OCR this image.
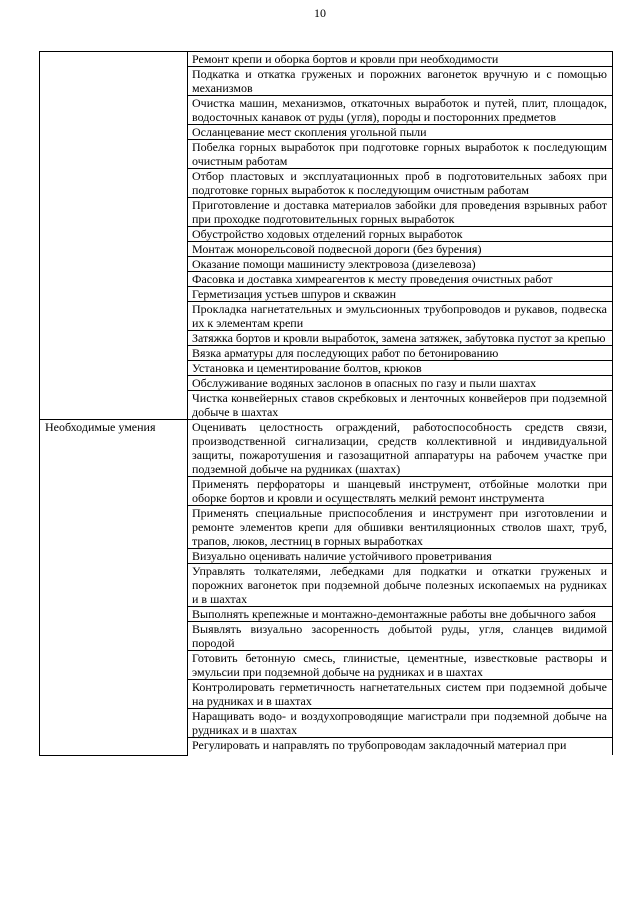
10
	Ремонт крепи и оборка бортов и кровли при необходимости
	Подкатка и откатка груженых и порожних вагонеток вручную и с помощью механизмов
	Очистка машин, механизмов, откаточных выработок и путей, плит, площадок, водосточных канавок от руды (угля), породы и посторонних предметов
	Осланцевание мест скопления угольной пыли
	Побелка горных выработок при подготовке горных выработок к последующим очистным работам
	Отбор пластовых и эксплуатационных проб в подготовительных забоях при подготовке горных выработок к последующим очистным работам
	Приготовление и доставка материалов забойки для проведения взрывных работ при проходке подготовительных горных выработок
	Обустройство ходовых отделений горных выработок
	Монтаж монорельсовой подвесной дороги (без бурения)
	Оказание помощи машинисту электровоза (дизелевоза)
	Фасовка и доставка химреагентов к месту проведения очистных работ
	Герметизация устьев шпуров и скважин
	Прокладка нагнетательных и эмульсионных трубопроводов и рукавов, подвеска их к элементам крепи
	Затяжка бортов и кровли выработок, замена затяжек, забутовка пустот за крепью
	Вязка арматуры для последующих работ по бетонированию
	Установка и цементирование болтов, крюков
	Обслуживание водяных заслонов в опасных по газу и пыли шахтах
	Чистка конвейерных ставов скребковых и ленточных конвейеров при подземной добыче в шахтах
Необходимые умения	Оценивать целостность ограждений, работоспособность средств связи, производственной сигнализации, средств коллективной и индивидуальной защиты, пожаротушения и газозащитной аппаратуры на рабочем участке при подземной добыче на рудниках (шахтах)
	Применять перфораторы и шанцевый инструмент, отбойные молотки при оборке бортов и кровли и осуществлять мелкий ремонт инструмента
	Применять специальные приспособления и инструмент при изготовлении и ремонте элементов крепи для обшивки вентиляционных стволов шахт, труб, трапов, люков, лестниц в горных выработках
	Визуально оценивать наличие устойчивого проветривания
	Управлять толкателями, лебедками для подкатки и откатки груженых и порожних вагонеток при подземной добыче полезных ископаемых на рудниках и в шахтах
	Выполнять крепежные и монтажно-демонтажные работы вне добычного забоя
	Выявлять визуально засоренность добытой руды, угля, сланцев видимой породой
	Готовить бетонную смесь, глинистые, цементные, известковые растворы и эмульсии при подземной добыче на рудниках и в шахтах
	Контролировать герметичность нагнетательных систем при подземной добыче на рудниках и в шахтах
	Наращивать водо- и воздухопроводящие магистрали при подземной добыче на рудниках и в шахтах
	Регулировать и направлять по трубопроводам закладочный материал при
